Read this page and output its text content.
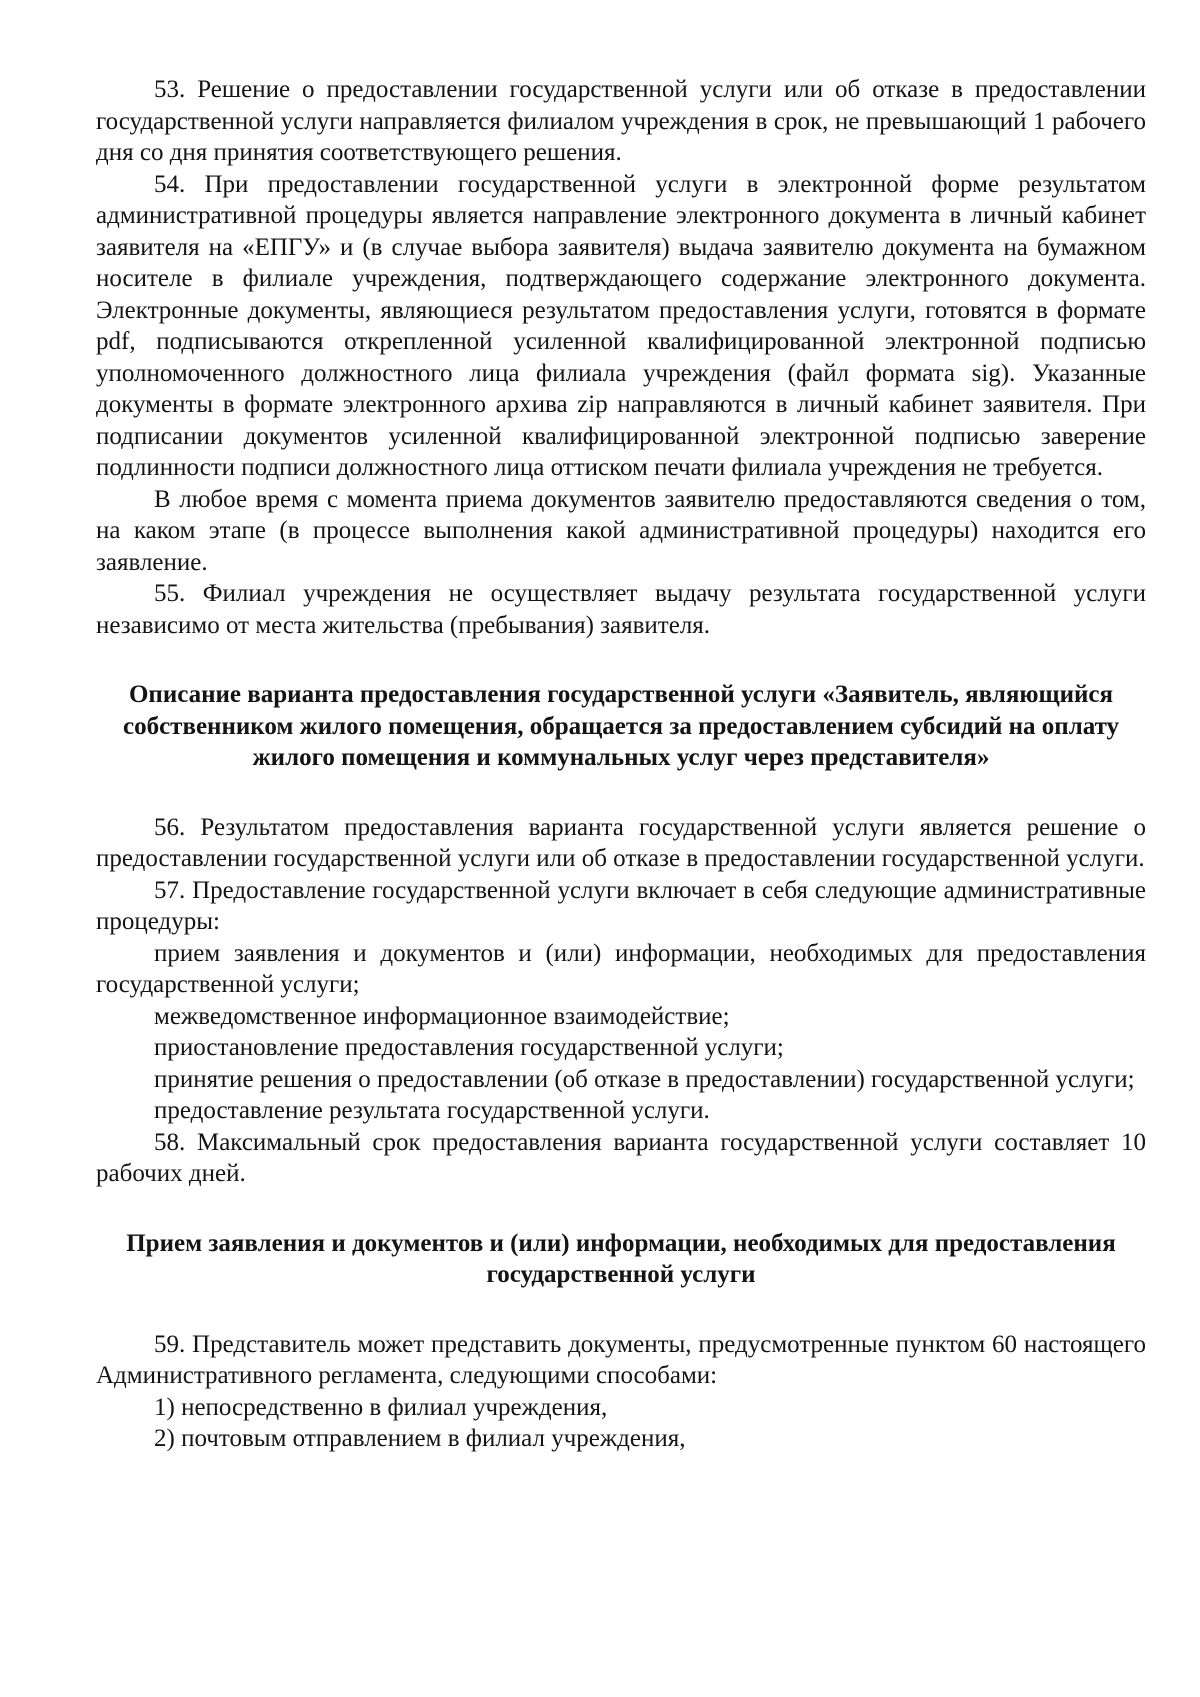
53. Решение о предоставлении государственной услуги или об отказе в предоставлении государственной услуги направляется филиалом учреждения в срок, не превышающий 1 рабочего дня со дня принятия соответствующего решения.

54. При предоставлении государственной услуги в электронной форме результатом административной процедуры является направление электронного документа в личный кабинет заявителя на «ЕПГУ» и (в случае выбора заявителя) выдача заявителю документа на бумажном носителе в филиале учреждения, подтверждающего содержание электронного документа. Электронные документы, являющиеся результатом предоставления услуги, готовятся в формате pdf, подписываются открепленной усиленной квалифицированной электронной подписью уполномоченного должностного лица филиала учреждения (файл формата sig). Указанные документы в формате электронного архива zip направляются в личный кабинет заявителя. При подписании документов усиленной квалифицированной электронной подписью заверение подлинности подписи должностного лица оттиском печати филиала учреждения не требуется.

В любое время с момента приема документов заявителю предоставляются сведения о том, на каком этапе (в процессе выполнения какой административной процедуры) находится его заявление.

55. Филиал учреждения не осуществляет выдачу результата государственной услуги независимо от места жительства (пребывания) заявителя.

Описание варианта предоставления государственной услуги «Заявитель, являющийся собственником жилого помещения, обращается за предоставлением субсидий на оплату жилого помещения и коммунальных услуг через представителя»

56. Результатом предоставления варианта государственной услуги является решение о предоставлении государственной услуги или об отказе в предоставлении государственной услуги.

57. Предоставление государственной услуги включает в себя следующие административные процедуры:

прием заявления и документов и (или) информации, необходимых для предоставления государственной услуги;

межведомственное информационное взаимодействие;

приостановление предоставления государственной услуги;

принятие решения о предоставлении (об отказе в предоставлении) государственной услуги;

предоставление результата государственной услуги.

58. Максимальный срок предоставления варианта государственной услуги составляет 10 рабочих дней.

Прием заявления и документов и (или) информации, необходимых для предоставления государственной услуги

59. Представитель может представить документы, предусмотренные пунктом 60 настоящего Административного регламента, следующими способами:

1) непосредственно в филиал учреждения,

2) почтовым отправлением в филиал учреждения,
